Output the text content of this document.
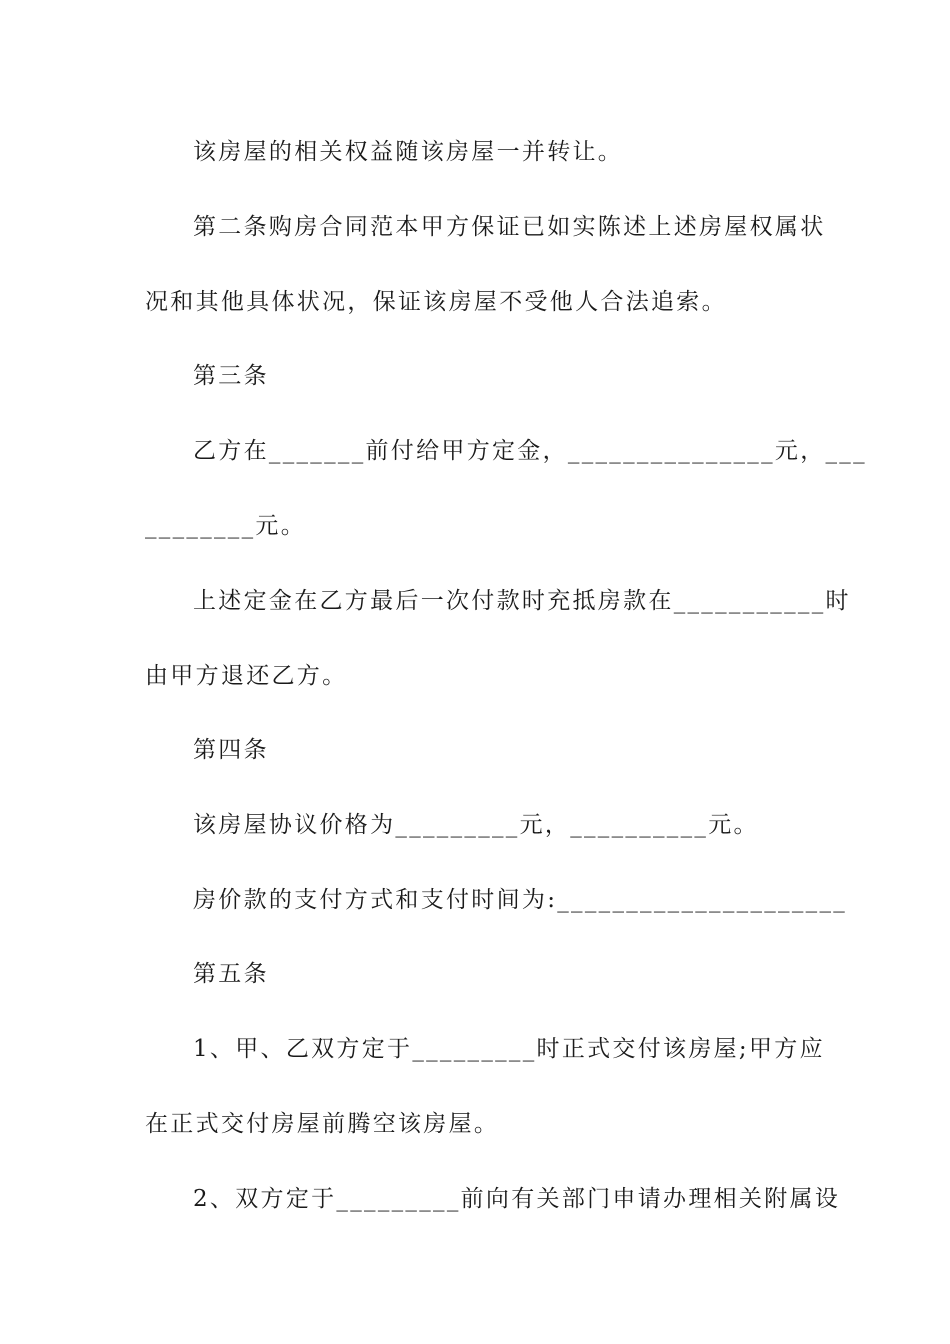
该房屋的相关权益随该房屋一并转让。
第二条购房合同范本甲方保证已如实陈述上述房屋权属状
况和其他具体状况，保证该房屋不受他人合法追索。
第三条
乙方在_______前付给甲方定金，_______________元，___
________元。
上述定金在乙方最后一次付款时充抵房款在___________时
由甲方退还乙方。
第四条
该房屋协议价格为_________元，__________元。
房价款的支付方式和支付时间为:_____________________
第五条
1、甲、乙双方定于_________时正式交付该房屋;甲方应
在正式交付房屋前腾空该房屋。
2、双方定于_________前向有关部门申请办理相关附属设
